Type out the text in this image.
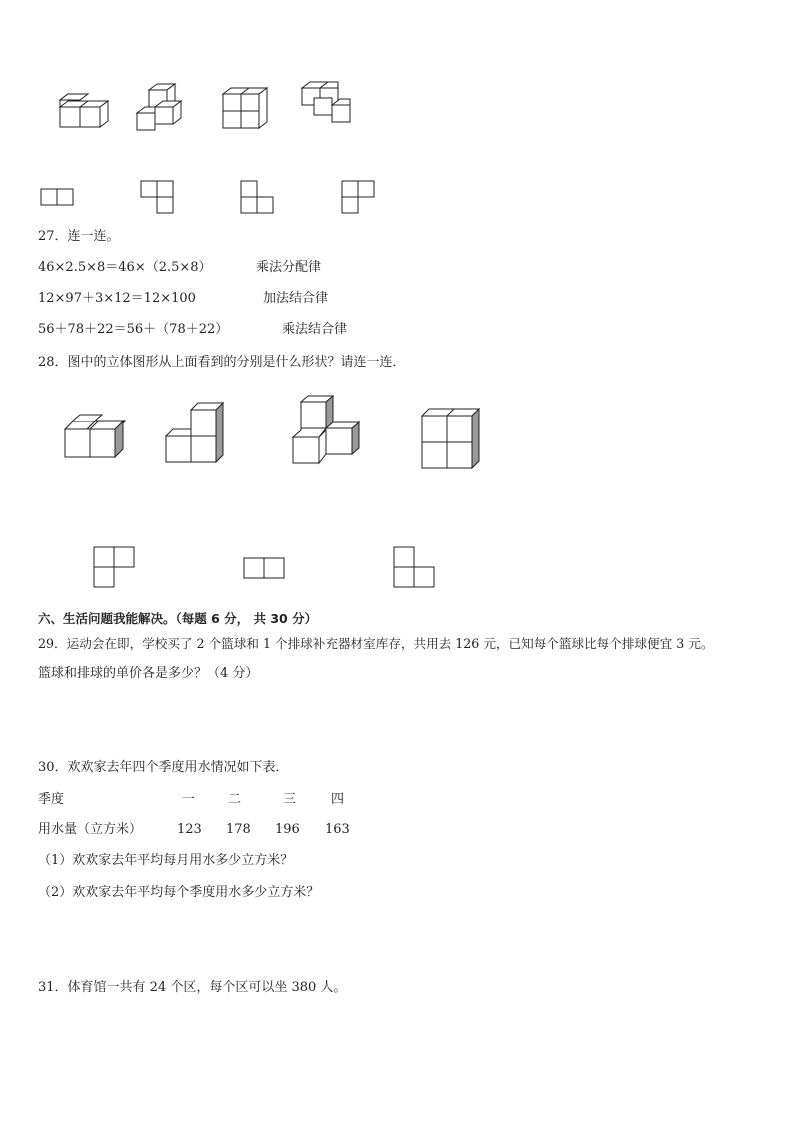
27．连一连。
46×2.5×8＝46×（2.5×8）	乘法分配律
12×97＋3×12＝12×100	加法结合律
56＋78＋22＝56＋（78＋22）	乘法结合律
28．图中的立体图形从上面看到的分别是什么形状？请连一连．
六、生活问题我能解决。（每题 6 分， 共 30 分）
29．运动会在即，学校买了 2 个篮球和 1 个排球补充器材室库存，共用去 126 元，已知每个篮球比每个排球便宜 3 元。
篮球和排球的单价各是多少？（4 分）
30．欢欢家去年四个季度用水情况如下表．
季度	一	二	三	四
用水量（立方米）	123 178 196 163
（1）欢欢家去年平均每月用水多少立方米？
（2）欢欢家去年平均每个季度用水多少立方米？
31．体育馆一共有 24 个区，每个区可以坐 380 人。
